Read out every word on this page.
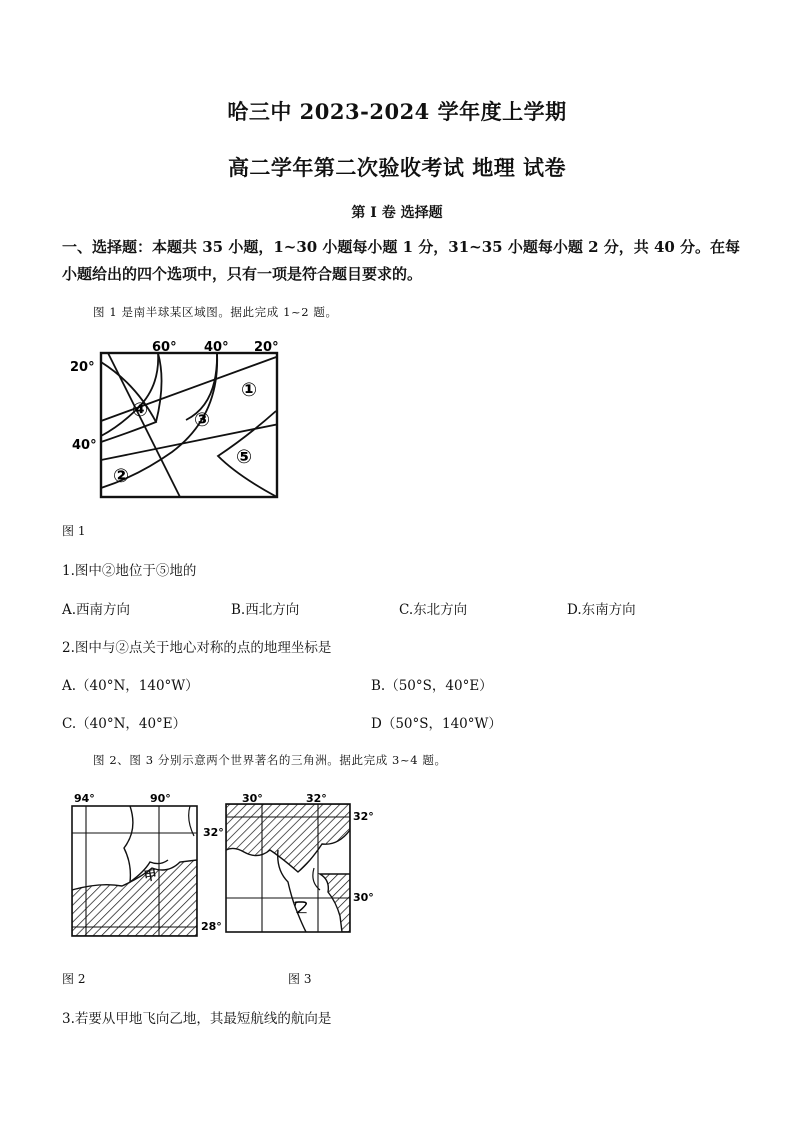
哈三中 2023-2024 学年度上学期
高二学年第二次验收考试 地理 试卷
第 I 卷 选择题
一、选择题：本题共 35 小题，1~30 小题每小题 1 分，31~35 小题每小题 2 分，共 40 分。在每小题给出的四个选项中，只有一项是符合题目要求的。
图 1 是南半球某区域图。据此完成 1~2 题。
60° 40° 20°
20°
40°
①
②
③
④
⑤
图 1
1.图中②地位于⑤地的
A.西南方向	B.西北方向	C.东北方向	D.东南方向
2.图中与②点关于地心对称的点的地理坐标是
A.（40°N，140°W）	B.（50°S，40°E）
C.（40°N，40°E）	D（50°S，140°W）
图 2、图 3 分别示意两个世界著名的三角洲。据此完成 3~4 题。
94°	90°
32°
28°
甲
30°	32°
32°
30°
乙
图 2	图 3
3.若要从甲地飞向乙地，其最短航线的航向是
